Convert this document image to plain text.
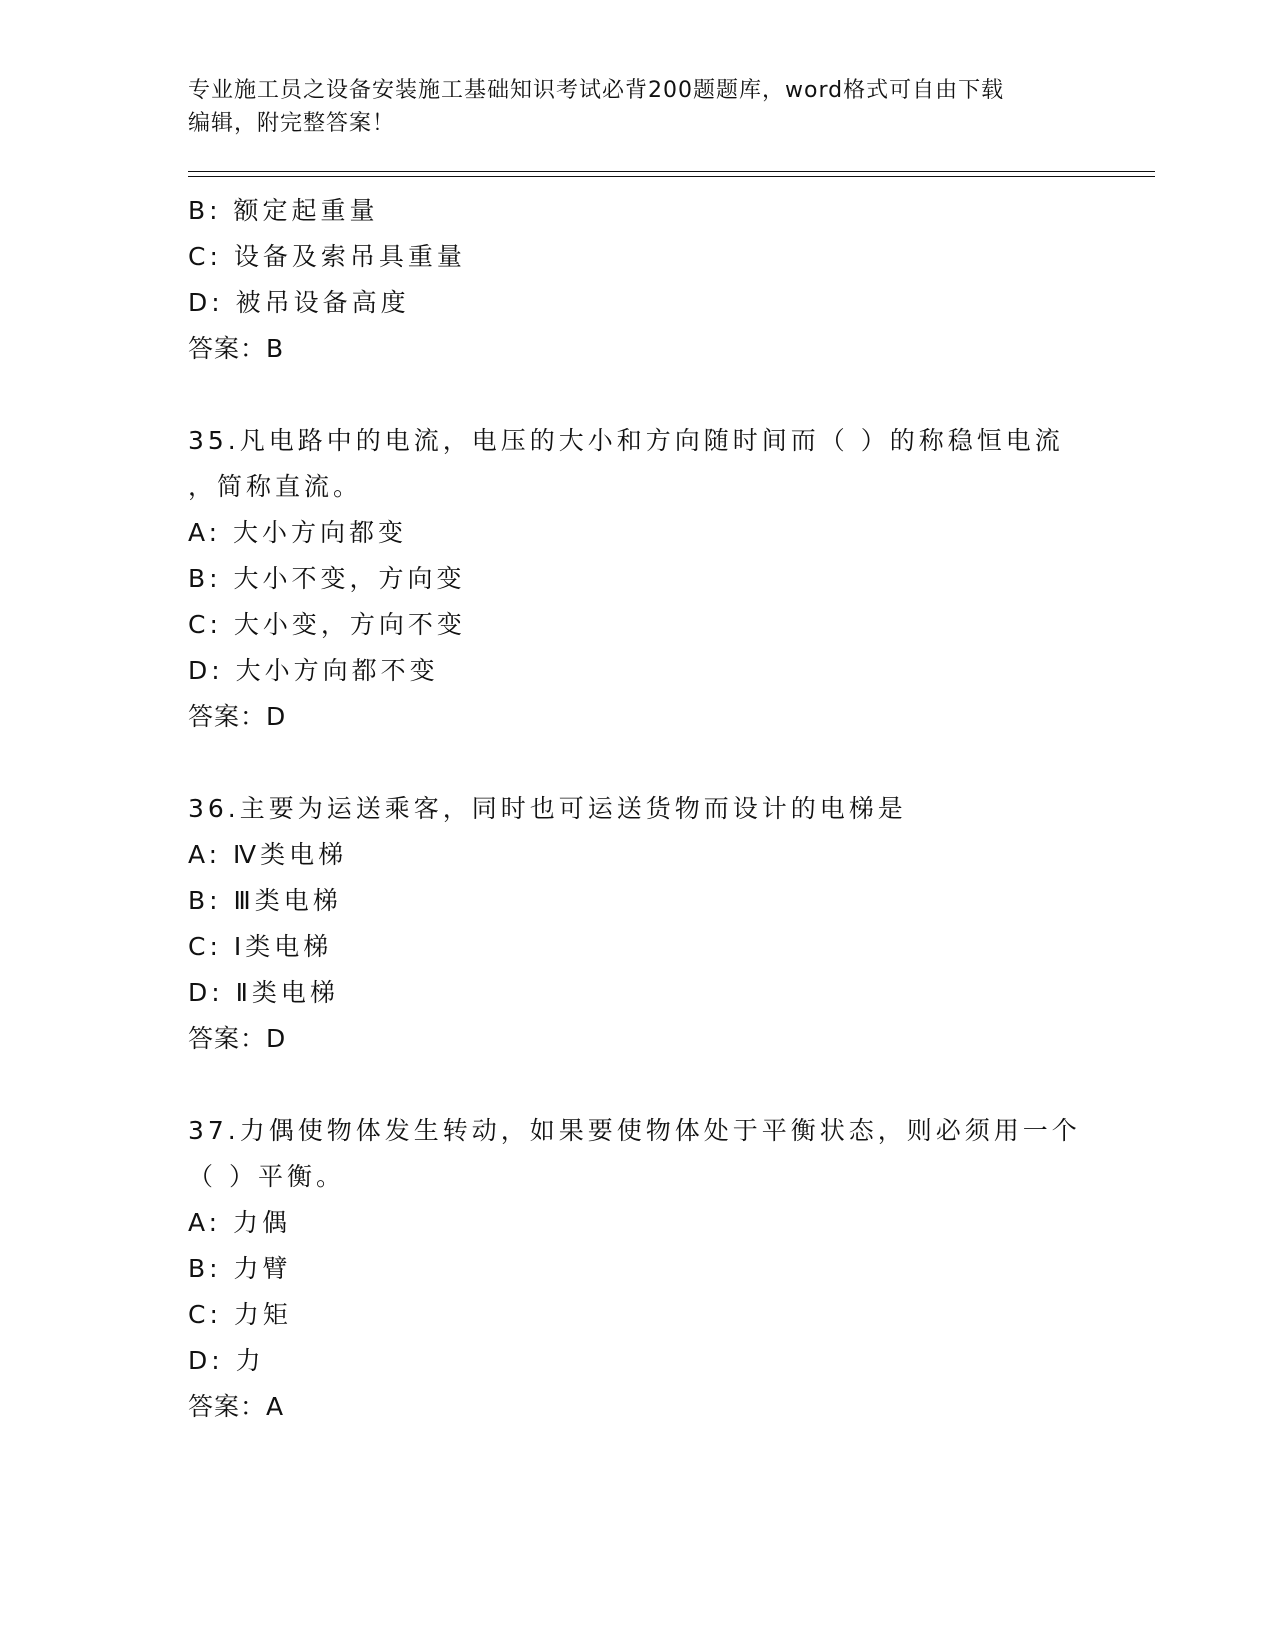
专业施工员之设备安装施工基础知识考试必背200题题库，word格式可自由下载
编辑，附完整答案！
B: 额定起重量
C: 设备及索吊具重量
D: 被吊设备高度
答案：B
35.凡电路中的电流，电压的大小和方向随时间而（ ）的称稳恒电流
，简称直流。
A: 大小方向都变
B: 大小不变，方向变
C: 大小变，方向不变
D: 大小方向都不变
答案：D
36.主要为运送乘客，同时也可运送货物而设计的电梯是
A: Ⅳ类电梯
B: Ⅲ类电梯
C: Ⅰ类电梯
D: Ⅱ类电梯
答案：D
37.力偶使物体发生转动，如果要使物体处于平衡状态，则必须用一个
（ ）平衡。
A: 力偶
B: 力臂
C: 力矩
D: 力
答案：A
